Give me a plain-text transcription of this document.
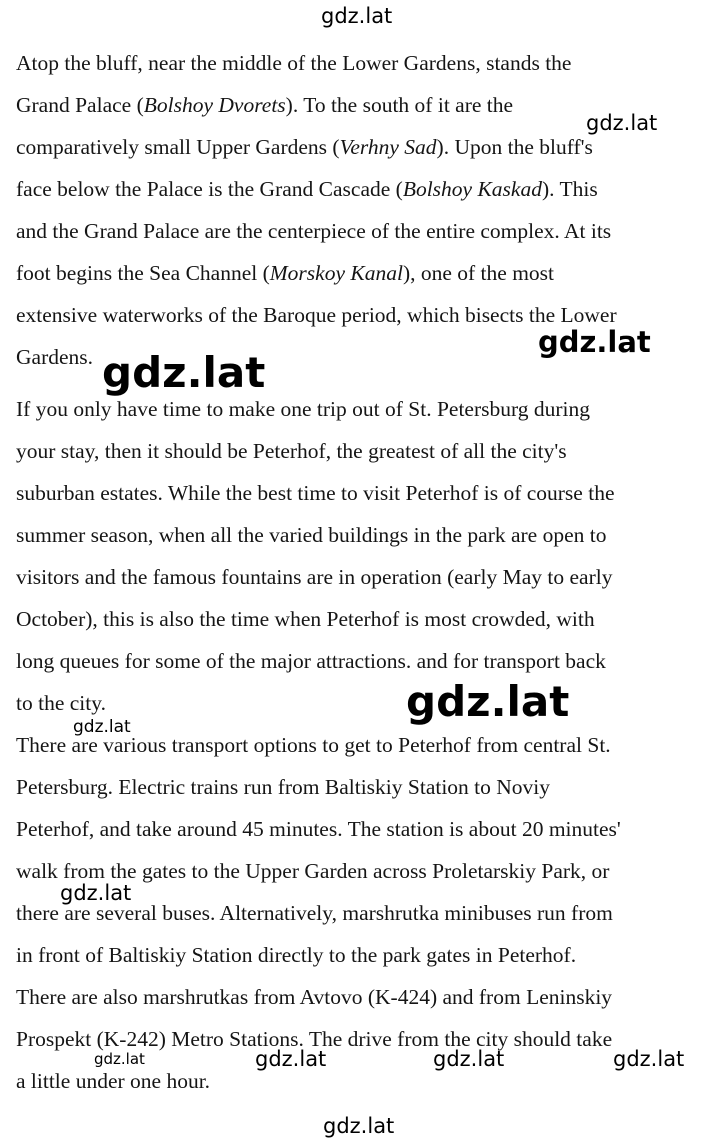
Atop the bluff, near the middle of the Lower Gardens, stands the
Grand Palace (Bolshoy Dvorets). To the south of it are the
comparatively small Upper Gardens (Verhny Sad). Upon the bluff's
face below the Palace is the Grand Cascade (Bolshoy Kaskad). This
and the Grand Palace are the centerpiece of the entire complex. At its
foot begins the Sea Channel (Morskoy Kanal), one of the most
extensive waterworks of the Baroque period, which bisects the Lower
Gardens.
If you only have time to make one trip out of St. Petersburg during
your stay, then it should be Peterhof, the greatest of all the city's
suburban estates. While the best time to visit Peterhof is of course the
summer season, when all the varied buildings in the park are open to
visitors and the famous fountains are in operation (early May to early
October), this is also the time when Peterhof is most crowded, with
long queues for some of the major attractions. and for transport back
to the city.
There are various transport options to get to Peterhof from central St.
Petersburg. Electric trains run from Baltiskiy Station to Noviy
Peterhof, and take around 45 minutes. The station is about 20 minutes'
walk from the gates to the Upper Garden across Proletarskiy Park, or
there are several buses. Alternatively, marshrutka minibuses run from
in front of Baltiskiy Station directly to the park gates in Peterhof.
There are also marshrutkas from Avtovo (K-424) and from Leninskiy
Prospekt (K-242) Metro Stations. The drive from the city should take
a little under one hour.
gdz.lat
gdz.lat
gdz.lat
gdz.lat
gdz.lat
gdz.lat
gdz.lat
gdz.lat	gdz.lat	gdz.lat	gdz.lat
gdz.lat
